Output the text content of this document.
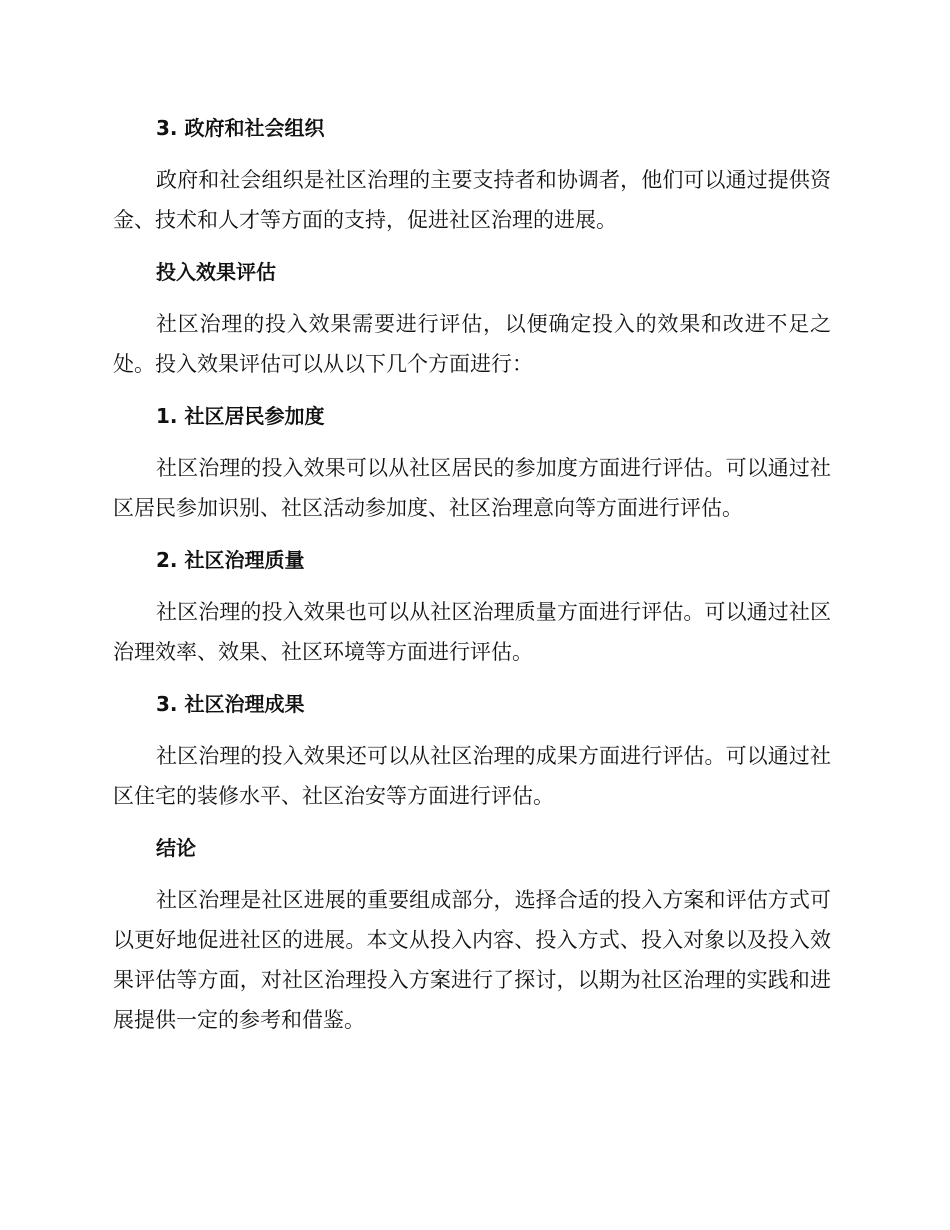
3. 政府和社会组织
政府和社会组织是社区治理的主要支持者和协调者，他们可以通过提供资金、技术和人才等方面的支持，促进社区治理的进展。
投入效果评估
社区治理的投入效果需要进行评估，以便确定投入的效果和改进不足之处。投入效果评估可以从以下几个方面进行：
1. 社区居民参加度
社区治理的投入效果可以从社区居民的参加度方面进行评估。可以通过社区居民参加识别、社区活动参加度、社区治理意向等方面进行评估。
2. 社区治理质量
社区治理的投入效果也可以从社区治理质量方面进行评估。可以通过社区治理效率、效果、社区环境等方面进行评估。
3. 社区治理成果
社区治理的投入效果还可以从社区治理的成果方面进行评估。可以通过社区住宅的装修水平、社区治安等方面进行评估。
结论
社区治理是社区进展的重要组成部分，选择合适的投入方案和评估方式可以更好地促进社区的进展。本文从投入内容、投入方式、投入对象以及投入效果评估等方面，对社区治理投入方案进行了探讨，以期为社区治理的实践和进展提供一定的参考和借鉴。
